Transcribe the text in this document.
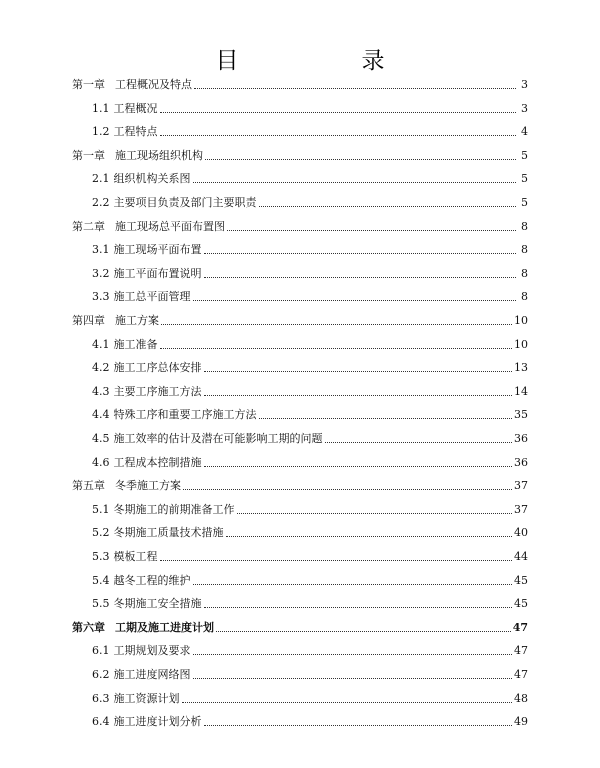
目　录
第一章 工程概况及特点	3
1.1 工程概况	3
1.2 工程特点	4
第一章 施工现场组织机构	5
2.1 组织机构关系图	5
2.2 主要项目负责及部门主要职责	5
第二章 施工现场总平面布置图	8
3.1 施工现场平面布置	8
3.2 施工平面布置说明	8
3.3 施工总平面管理	8
第四章 施工方案	10
4.1 施工准备	10
4.2 施工工序总体安排	13
4.3 主要工序施工方法	14
4.4 特殊工序和重要工序施工方法	35
4.5 施工效率的估计及潜在可能影响工期的问题	36
4.6 工程成本控制措施	36
第五章 冬季施工方案	37
5.1 冬期施工的前期准备工作	37
5.2 冬期施工质量技术措施	40
5.3 模板工程	44
5.4 越冬工程的维护	45
5.5 冬期施工安全措施	45
第六章 工期及施工进度计划	47
6.1 工期规划及要求	47
6.2 施工进度网络图	47
6.3 施工资源计划	48
6.4 施工进度计划分析	49
